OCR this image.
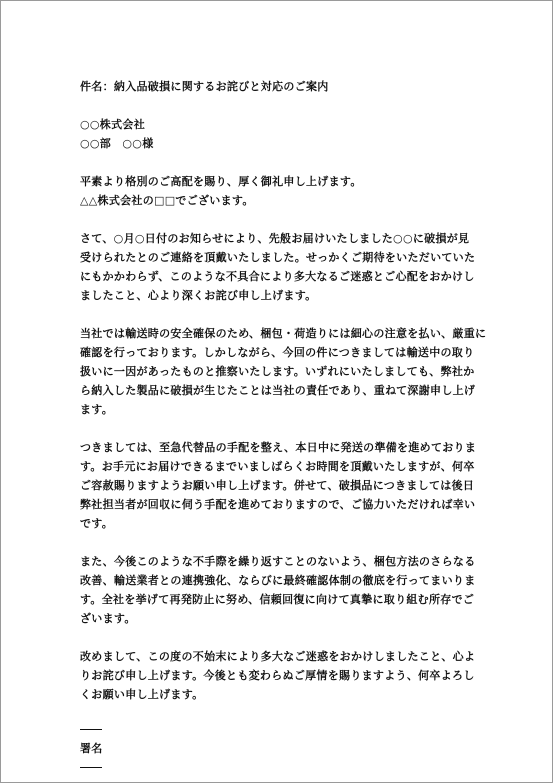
件名：納入品破損に関するお詫びと対応のご案内
○○株式会社
○○部　○○様

平素より格別のご高配を賜り、厚く御礼申し上げます。
△△株式会社の□□でございます。

さて、○月○日付のお知らせにより、先般お届けいたしました○○に破損が見
受けられたとのご連絡を頂戴いたしました。せっかくご期待をいただいていた
にもかかわらず、このような不具合により多大なるご迷惑とご心配をおかけし
ましたこと、心より深くお詫び申し上げます。

当社では輸送時の安全確保のため、梱包・荷造りには細心の注意を払い、厳重に
確認を行っております。しかしながら、今回の件につきましては輸送中の取り
扱いに一因があったものと推察いたします。いずれにいたしましても、弊社か
ら納入した製品に破損が生じたことは当社の責任であり、重ねて深謝申し上げ
ます。

つきましては、至急代替品の手配を整え、本日中に発送の準備を進めておりま
す。お手元にお届けできるまでいましばらくお時間を頂戴いたしますが、何卒
ご容赦賜りますようお願い申し上げます。併せて、破損品につきましては後日
弊社担当者が回収に伺う手配を進めておりますので、ご協力いただければ幸い
です。

また、今後このような不手際を繰り返すことのないよう、梱包方法のさらなる
改善、輸送業者との連携強化、ならびに最終確認体制の徹底を行ってまいりま
す。全社を挙げて再発防止に努め、信頼回復に向けて真摯に取り組む所存でご
ざいます。

改めまして、この度の不始末により多大なご迷惑をおかけしましたこと、心よ
りお詫び申し上げます。今後とも変わらぬご厚情を賜りますよう、何卒よろし
くお願い申し上げます。

署名
